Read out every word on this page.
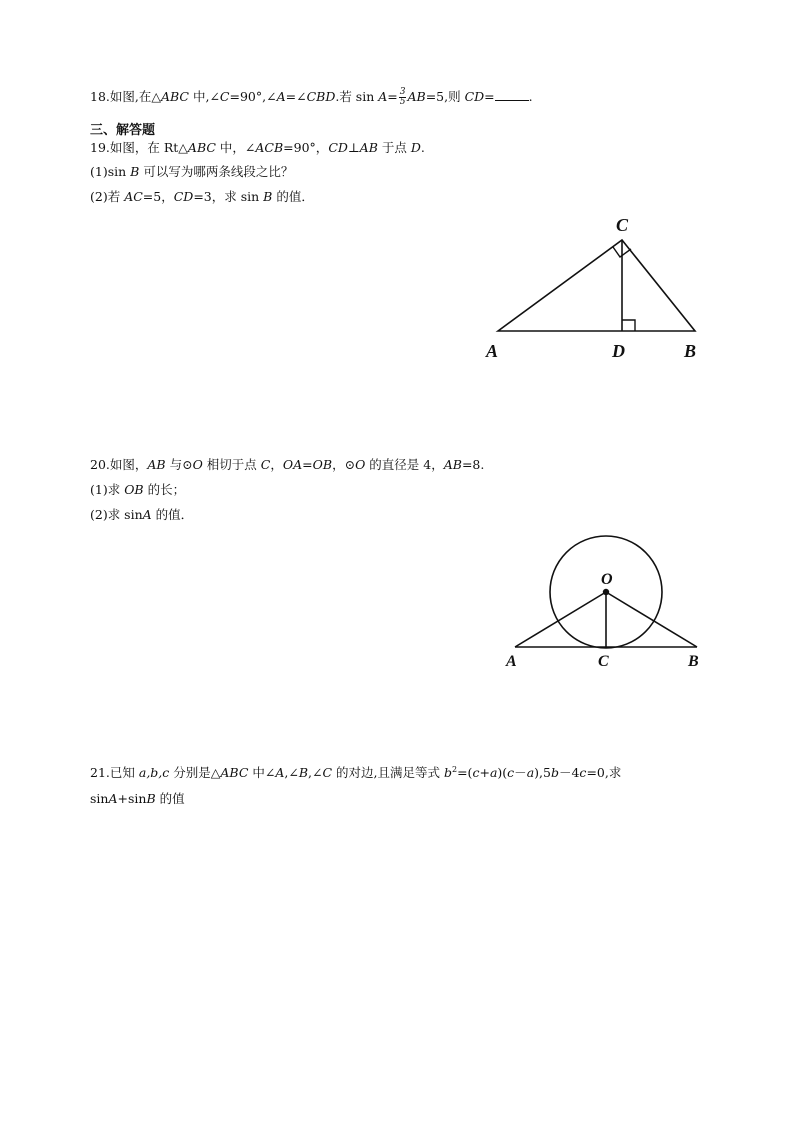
18.如图,在△ABC 中,∠C=90°,∠A=∠CBD.若 $\sin A= \frac{3}{5} AB=5$,则 CD=	.
三、解答题
19.如图，在 Rt△ABC 中，∠ACB=90°，CD⊥AB 于点 D.
(1)sin B 可以写为哪两条线段之比？
(2)若 AC=5，CD=3，求 sin B 的值．
C
A	D	B
20.如图，AB 与⊙O 相切于点 C，OA=OB，⊙O 的直径是 4，AB=8.
(1)求 OB 的长；
(2)求 sinA 的值．
O
A	C	B
21.已知 a,b,c 分别是△ABC 中∠A,∠B,∠C 的对边,且满足等式 $b^2=(c+a)(c-a),5b-4c=0$,求
sinA+sinB 的值
